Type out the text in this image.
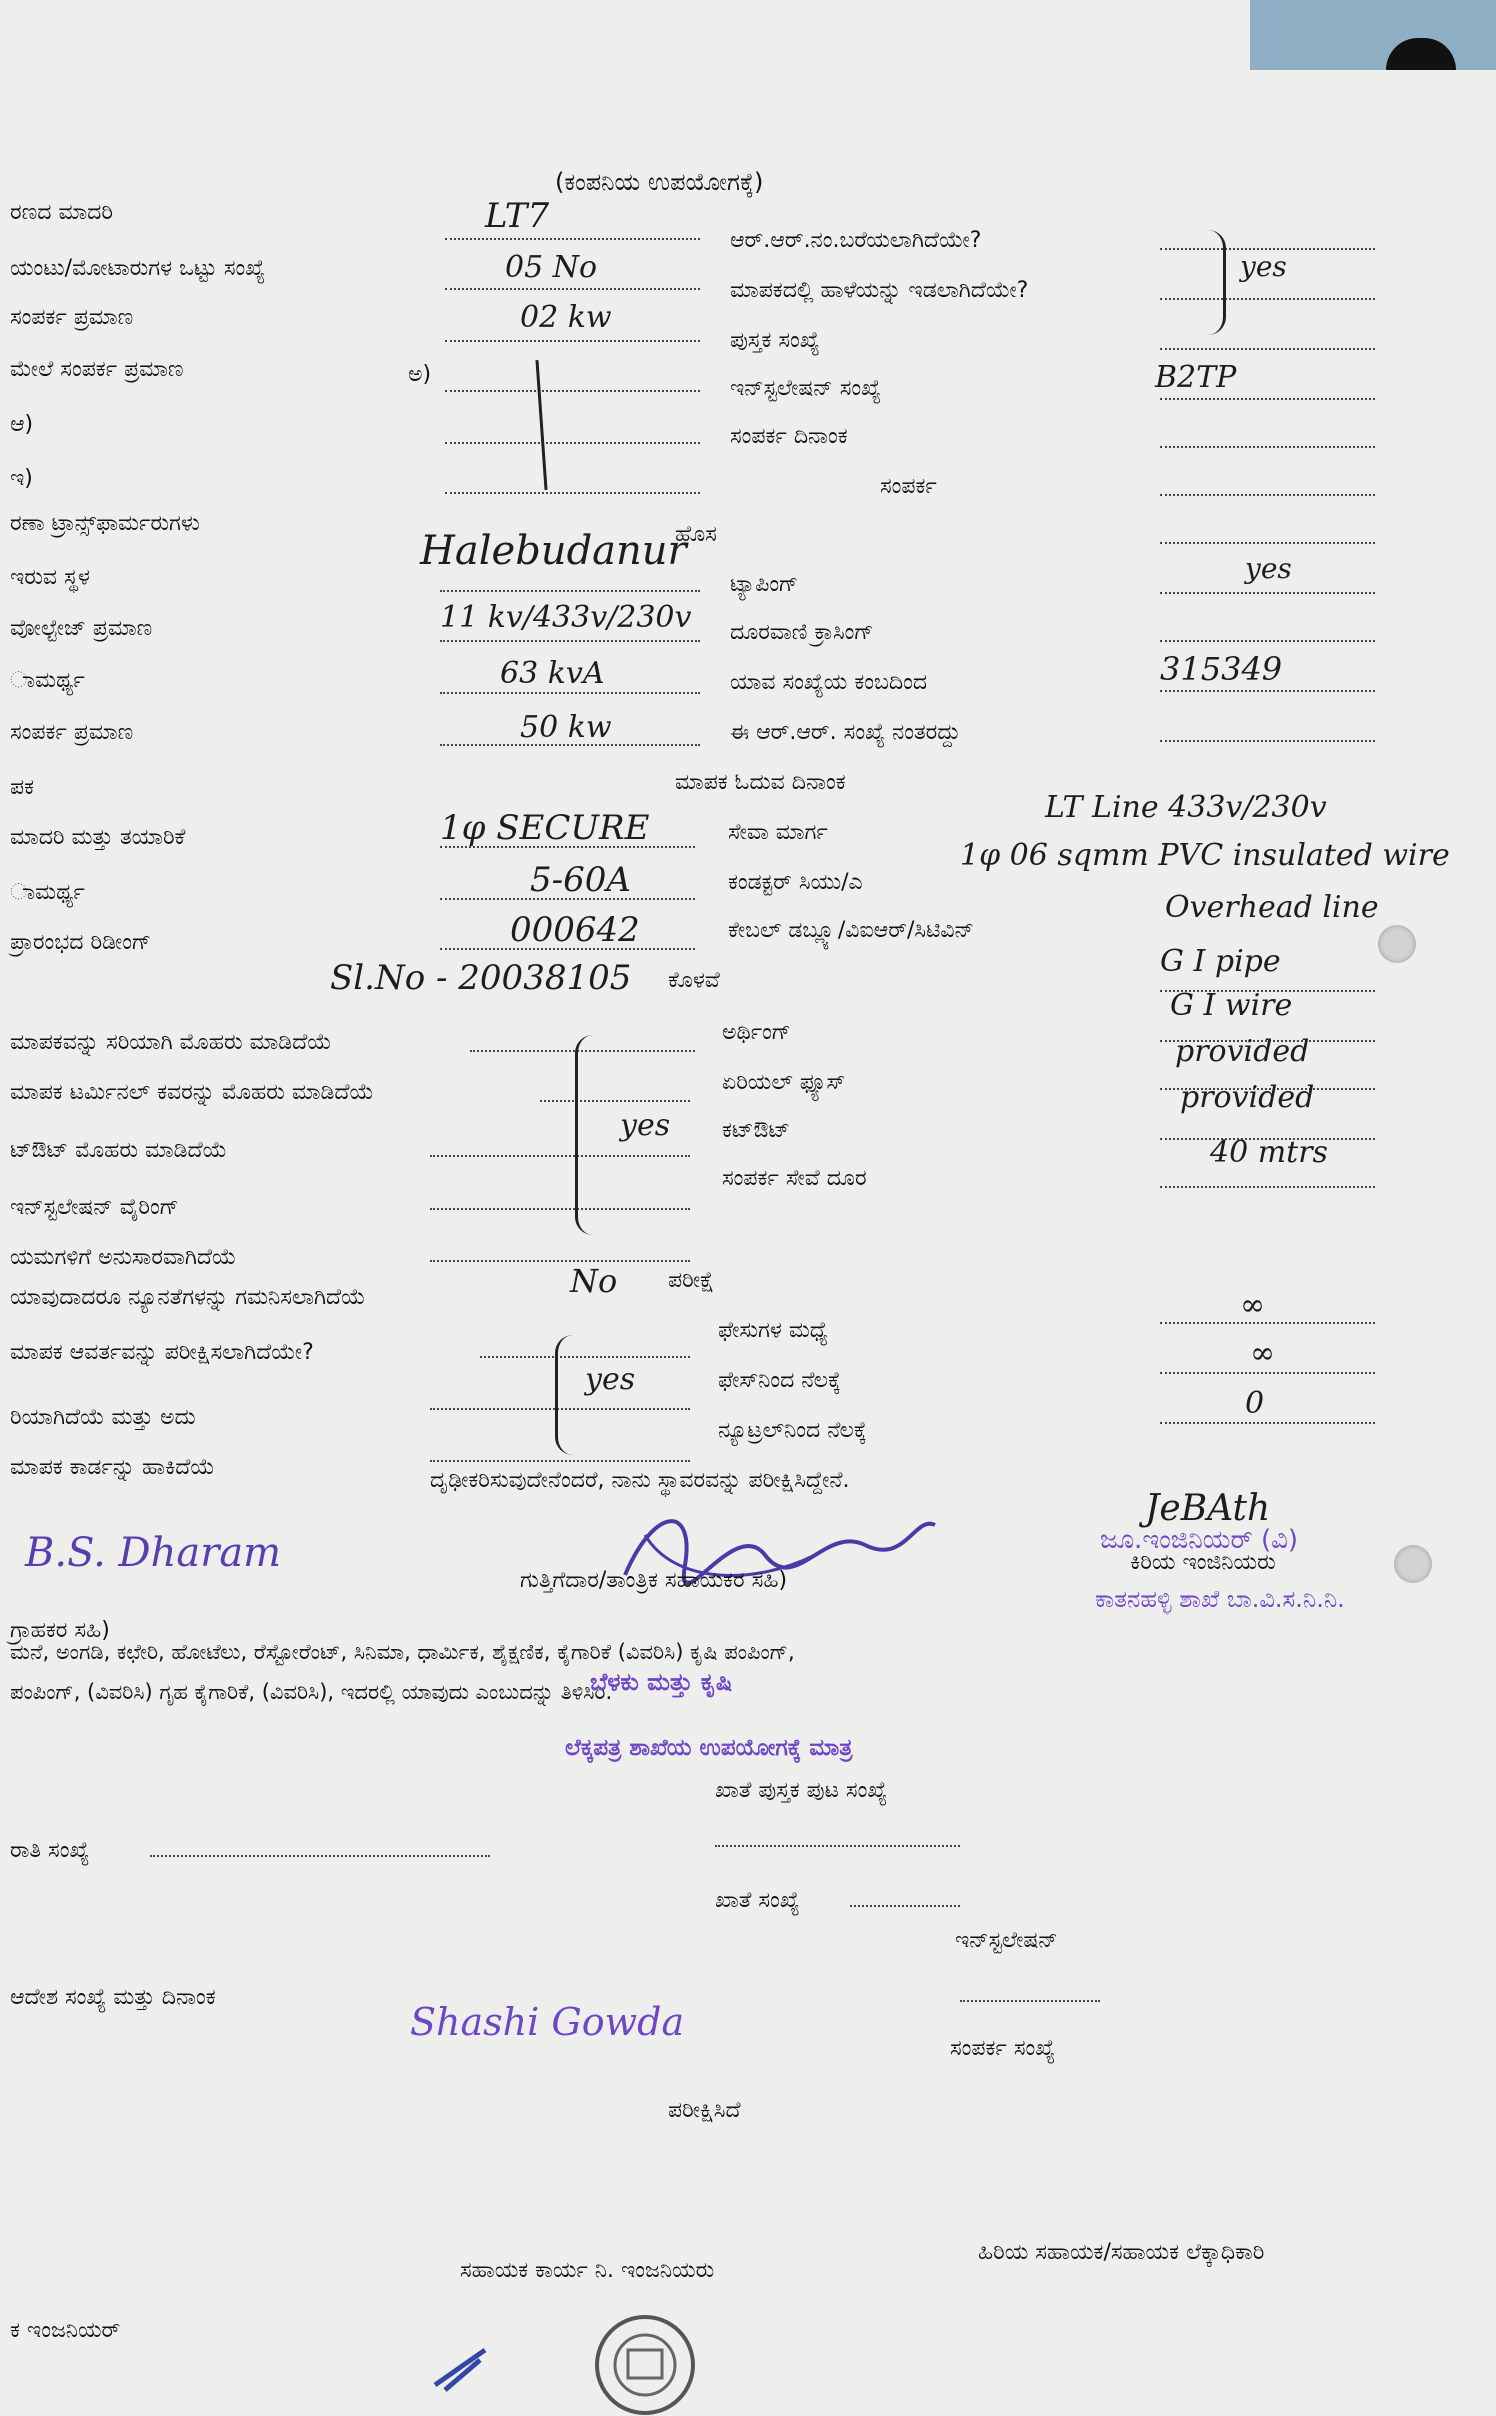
(ಕಂಪನಿಯ ಉಪಯೋಗಕ್ಕೆ)
ರಣದ ಮಾದರಿ
ಯಂಟು/ಮೋಟಾರುಗಳ ಒಟ್ಟು ಸಂಖ್ಯೆ
ಸಂಪರ್ಕ ಪ್ರಮಾಣ
ಮೇಲೆ ಸಂಪರ್ಕ ಪ್ರಮಾಣ
ಆ)
ಇ)
ರಣಾ ಟ್ರಾನ್ಸ್‌ಫಾರ್ಮರುಗಳು
ಇರುವ ಸ್ಥಳ
ವೋಲ್ಟೇಜ್ ಪ್ರಮಾಣ
ಾಮರ್ಥ್ಯ
ಸಂಪರ್ಕ ಪ್ರಮಾಣ
ಪಕ
ಮಾದರಿ ಮತ್ತು ತಯಾರಿಕೆ
ಾಮರ್ಥ್ಯ
ಪ್ರಾರಂಭದ ರಿಡೀಂಗ್
ಮಾಪಕವನ್ನು ಸರಿಯಾಗಿ ಮೊಹರು ಮಾಡಿದೆಯೆ
ಮಾಪಕ ಟರ್ಮಿನಲ್ ಕವರನ್ನು ಮೊಹರು ಮಾಡಿದೆಯೆ
ಟ್‌ಔಟ್ ಮೊಹರು ಮಾಡಿದೆಯೆ
ಇನ್‌ಸ್ಟಲೇಷನ್ ವೈರಿಂಗ್
ಯಮಗಳಿಗೆ ಅನುಸಾರವಾಗಿದೆಯೆ
ಯಾವುದಾದರೂ ನ್ಯೂನತೆಗಳನ್ನು ಗಮನಿಸಲಾಗಿದೆಯೆ
ಮಾಪಕ ಆವರ್ತವನ್ನು ಪರೀಕ್ಷಿಸಲಾಗಿದೆಯೇ?
ರಿಯಾಗಿದೆಯೆ ಮತ್ತು ಅದು
ಮಾಪಕ ಕಾರ್ಡನ್ನು ಹಾಕಿದೆಯೆ
ಅ)
LT7
05 No
02 kw
Halebudanur
11 kv/433v/230v
63 kvA
50 kw
1φ SECURE
5-60A
000642
Sl.No - 20038105
yes
No
yes
ಆರ್.ಆರ್.ನಂ.ಬರೆಯಲಾಗಿದೆಯೇ?
ಮಾಪಕದಲ್ಲಿ ಹಾಳೆಯನ್ನು ಇಡಲಾಗಿದೆಯೇ?
ಪುಸ್ತಕ ಸಂಖ್ಯೆ
ಇನ್‌ಸ್ಟಲೇಷನ್ ಸಂಖ್ಯೆ
ಸಂಪರ್ಕ ದಿನಾಂಕ
ಸಂಪರ್ಕ
ಹೊಸ
ಟ್ಯಾಪಿಂಗ್
ದೂರವಾಣಿ ಕ್ರಾಸಿಂಗ್
ಯಾವ ಸಂಖ್ಯೆಯ ಕಂಬದಿಂದ
ಈ ಆರ್.ಆರ್. ಸಂಖ್ಯೆ ನಂತರದ್ದು
ಮಾಪಕ ಓದುವ ದಿನಾಂಕ
ಸೇವಾ ಮಾರ್ಗ
ಕಂಡಕ್ಟರ್ ಸಿಯು/ಎ
ಕೇಬಲ್ ಡಬ್ಲ್ಯೂ/ವಿಐಆರ್/ಸಿಟಿವಿನ್
ಕೊಳವೆ
ಅರ್ಥಿಂಗ್
ಏರಿಯಲ್ ಫ್ಯೂಸ್
ಕಟ್‌ಔಟ್
ಸಂಪರ್ಕ ಸೇವೆ ದೂರ
ಪರೀಕ್ಷೆ
ಫೇಸುಗಳ ಮಧ್ಯೆ
ಫೇಸ್‌ನಿಂದ ನೆಲಕ್ಕೆ
ನ್ಯೂಟ್ರಲ್‌ನಿಂದ ನೆಲಕ್ಕೆ
yes
B2TP
yes
315349
LT Line 433v/230v
1φ 06 sqmm PVC insulated wire
Overhead line
G I pipe
G I wire
provided
provided
40 mtrs
∞
∞
0
ದೃಢೀಕರಿಸುವುದೇನೆಂದರೆ, ನಾನು ಸ್ಥಾವರವನ್ನು ಪರೀಕ್ಷಿಸಿದ್ದೇನೆ.
B.S. Dharam
ಗುತ್ತಿಗೆದಾರ/ತಾಂತ್ರಿಕ ಸಹಾಯಕರ ಸಹಿ)
ಗ್ರಾಹಕರ ಸಹಿ)
JeBAth
ಜೂ.ಇಂಜಿನಿಯರ್ (ವಿ)
ಕಿರಿಯ ಇಂಜಿನಿಯರು
ಕಾತನಹಳ್ಳಿ ಶಾಖೆ ಬಾ.ವಿ.ಸ.ನಿ.ನಿ.
ಮನೆ, ಅಂಗಡಿ, ಕಛೇರಿ, ಹೋಟೆಲು, ರೆಸ್ಟೋರೆಂಟ್, ಸಿನಿಮಾ, ಧಾರ್ಮಿಕ, ಶೈಕ್ಷಣಿಕ, ಕೈಗಾರಿಕೆ (ವಿವರಿಸಿ) ಕೃಷಿ ಪಂಪಿಂಗ್,
ಪಂಪಿಂಗ್, (ವಿವರಿಸಿ) ಗೃಹ ಕೈಗಾರಿಕೆ, (ವಿವರಿಸಿ), ಇದರಲ್ಲಿ ಯಾವುದು ಎಂಬುದನ್ನು ತಿಳಿಸಿರಿ.
ಬೆಳಕು ಮತ್ತು ಕೃಷಿ
ಲೆಕ್ಕಪತ್ರ ಶಾಖೆಯ ಉಪಯೋಗಕ್ಕೆ ಮಾತ್ರ
ಖಾತೆ ಪುಸ್ತಕ ಪುಟ ಸಂಖ್ಯೆ
ರಾತಿ ಸಂಖ್ಯೆ
ಖಾತೆ ಸಂಖ್ಯೆ
ಇನ್‌ಸ್ಟಲೇಷನ್
ಆದೇಶ ಸಂಖ್ಯೆ ಮತ್ತು ದಿನಾಂಕ
Shashi Gowda
ಸಂಪರ್ಕ ಸಂಖ್ಯೆ
ಪರೀಕ್ಷಿಸಿದೆ
ಸಹಾಯಕ ಕಾರ್ಯ ನಿ. ಇಂಜನಿಯರು
ಹಿರಿಯ ಸಹಾಯಕ/ಸಹಾಯಕ ಲೆಕ್ಕಾಧಿಕಾರಿ
ಕ ಇಂಜನಿಯರ್
